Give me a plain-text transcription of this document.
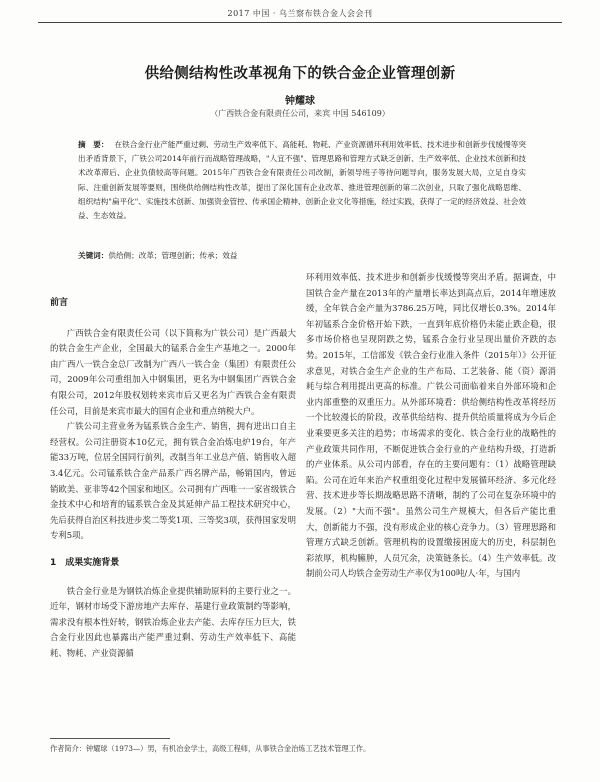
2017 中国 · 乌兰察布铁合金人会会刊
供给侧结构性改革视角下的铁合金企业管理创新
钟耀球
（广西铁合金有限责任公司，来宾 中国 546109）
摘　要： 在铁合金行业产能严重过剩、劳动生产效率低下、高能耗、物耗、产业资源循环利用效率低、技术进步和创新步伐缓慢等突出矛盾背景下，广铁公司2014年前行而战略管理战略，"人宜不强"、管理思路和管理方式缺乏创新、生产效率低、企业技术创新和技术改革滞后、企业负债较高等问题。2015年广西铁合金有限责任公司改制，新领导班子等待问题导向，服务发展大局，立足自身实际、注重创新发展等要则，围绕供给侧结构性改革，提出了深化国有企业改革、推进管理创新的第二次创业，只取了强化战略思维、组织结构"扁平化"、实施技术创新、加强资金管控、传承国企精神、创新企业文化等措施，经过实践，获得了一定的经济效益、社会效益、生态效益。
关键词：供给侧；改革；管理创新；传承；效益
前言

广西铁合金有限责任公司（以下简称为广铁公司）是广西最大的铁合金生产企业，全国最大的锰系合金生产基地之一。2000年由广西八一铁合金总厂改制为广西八一铁合金（集团）有限责任公司，2009年公司重组加入中钢集团，更名为中钢集团广西铁合金有限公司，2012年股权划转来宾市后又更名为广西铁合金有限责任公司，目前是来宾市最大的国有企业和重点纳税大户。

广铁公司主营业务为锰系铁合金生产、销售，拥有进出口自主经营权。公司注册资本10亿元，拥有铁合金冶炼电炉19台，年产能33万吨，位居全国同行前列，改制当年工业总产值、销售收入超3.4亿元。公司锰系铁合金产品系广西名牌产品，畅销国内，曾远销欧美、亚非等42个国家和地区。公司拥有广西唯一一家省级铁合金技术中心和培育的锰系铁合金及其延伸产品工程技术研究中心，先后获得自治区科技进步奖二等奖1项、三等奖3项，获得国家发明专利5项。

1　成果实施背景

铁合金行业是为钢铁冶炼企业提供辅助原料的主要行业之一。近年，钢材市场受下游房地产去库存、基建行业政策制约等影响，需求没有根本性好转，钢铁冶炼企业去产能、去库存压力巨大，铁合金行业因此也暴露出产能严重过剩、劳动生产效率低下、高能耗、物耗、产业资源循

环利用效率低、技术进步和创新步伐缓慢等突出矛盾。据调查，中国铁合金产量在2013年的产量增长率达到高点后，2014年增速放缓，全年铁合金产量为3786.25万吨，同比仅增长0.3%。2014年年初锰系合金价格开始下跌，一直到年底价格仍未能止跌企稳，很多市场价格也呈现阴跌之势，锰系合金行业呈现出量价齐跌的态势。2015年，工信部发《铁合金行业准入条件（2015年）》公开征求意见，对铁合金生产企业的生产布局、工艺装备、能（资）源消耗与综合利用提出更高的标准。广铁公司面临着来自外部环境和企业内部重整的双重压力。从外部环境看：供给侧结构性改革将经历一个比较漫长的阶段，改革供给结构、提升供给质量将成为今后企业乘要更多关注的趋势；市场需求的变化、铁合金行业的战略性的产业政策共同作用，不断促进铁合金行业的产业结构升级，打造新的产业体系。从公司内部看，存在的主要问题有：（1）战略管理缺陷。公司在近年来治产权重组变化过程中发展循环经济、多元化经营、技术进步等长期战略思路不清晰，制约了公司在复杂环境中的发展。（2）"大而不强"。虽然公司生产规模大，但各后产能比重大，创新能力不强，没有形成企业的核心竞争力。（3）管理思路和管理方式缺乏创新。管理机构的设置缴接困庞大的历史，科层制色彩浓厚，机构臃肿，人员冗余，决策链条长。（4）生产效率低。改制前公司人均铁合金劳动生产率仅为100吨/人·年，与国内

作者简介：钟耀球（1973—）男，有机冶金学士，高级工程师，从事铁合金治炼工艺技术管理工作。
